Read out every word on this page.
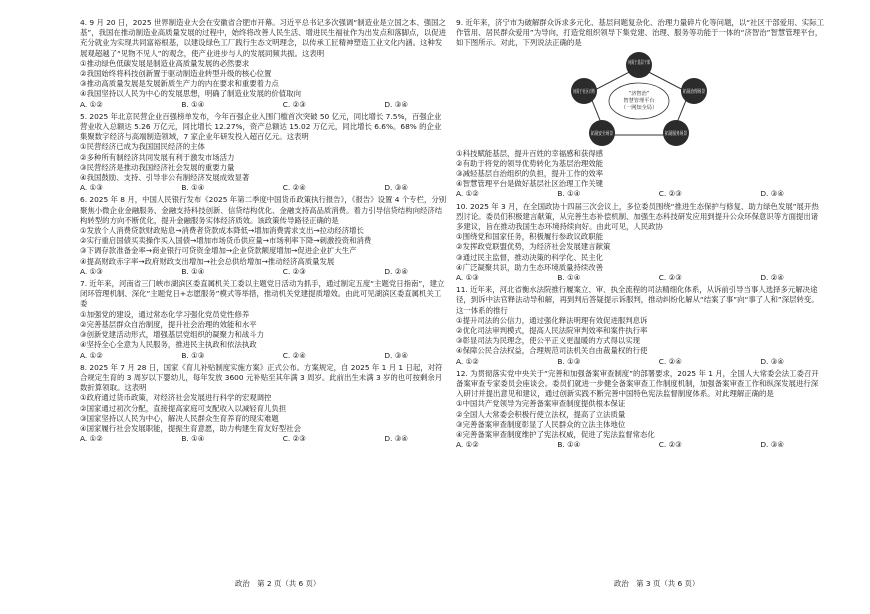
4. 9 月 20 日，2025 世界制造业大会在安徽省合肥市开幕。习近平总书记多次强调“制造业是立国之本、强国之基”，我国在推动制造业高质量发展的过程中，始终将改善人民生活、增进民生福祉作为出发点和落脚点，以促进充分就业为实现共同富裕根基，以建设绿色工厂践行生态文明理念，以传承工匠精神塑造工业文化内涵。这种发展观超越了“见物不见人”的观念，使产业进步与人的发展同频共振。这表明

①推动绿色低碳发展是制造业高质量发展的必然要求

②我国始终将科技创新置于驱动制造业转型升级的核心位置

③推动高质量发展是发展新质生产力的内在要求和重要着力点

④我国坚持以人民为中心的发展思想，明确了制造业发展的价值取向

A. ①②	B. ①④	C. ②③	D. ③④

5. 2025 年北京民营企业百强榜单发布，今年百强企业入围门槛首次突破 50 亿元，同比增长 7.5%，百强企业营业收入总额达 5.26 万亿元，同比增长 12.27%，资产总额达 15.02 万亿元，同比增长 6.6%。68% 的企业集聚数字经济与高端制造领域，7 家企业年研发投入超百亿元。这表明

①民营经济已成为我国国民经济的主体

②多种所有制经济共同发展有利于激发市场活力

③民营经济是推动我国经济社会发展的重要力量

④我国鼓励、支持、引导非公有制经济发展成效显著

A. ①③	B. ①④	C. ②④	D. ③④

6. 2025 年 8 月，中国人民银行发布《2025 年第二季度中国货币政策执行报告》，《报告》设置 4 个专栏，分别聚焦小微企业金融服务、金融支持科技创新、信贷结构优化、金融支持高品质消费。着力引导信贷结构向经济结构转型的方向不断优化，提升金融服务实体经济质效。该政策传导路径正确的是

①发放个人消费贷款财政贴息→消费者贷款成本降低→增加消费需求支出→拉动经济增长

②实行重启国债买卖操作买入国债→增加市场货币供应量→市场利率下降→刺激投资和消费

③下调存款准备金率→商业银行可贷资金增加→企业贷款额度增加→促进企业扩大生产

④提高财政赤字率→政府财政支出增加→社会总供给增加→推动经济高质量发展

A. ①③	B. ①④	C. ②③	D. ②④

7. 近年来，河南省三门峡市湖滨区委直属机关工委以主题党日活动为抓手，通过制定五度“主题党日指南”，建立闭环管理机制、深化“主题党日+志愿服务”模式等举措，推动机关党建提质增效。由此可见湖滨区委直属机关工委

①加强党的建设，通过常态化学习强化党员党性修养

②完善基层群众自治制度，提升社会治理的效能和水平

③创新党建活动形式，增强基层党组织的凝聚力和战斗力

④坚持全心全意为人民服务，推进民主执政和依法执政

A. ①②	B. ①③	C. ②④	D. ③④

8. 2025 年 7 月 28 日，国家《育儿补贴制度实施方案》正式公布。方案规定，自 2025 年 1 月 1 日起，对符合规定生育的 3 周岁以下婴幼儿，每年发放 3600 元补贴至其年满 3 周岁。此前出生未满 3 岁的也可按剩余月数折算领取。这表明

①政府通过货币政策，对经济社会发展进行科学的宏观调控

②国家通过初次分配，直接提高家庭可支配收入以减轻育儿负担

③国家坚持以人民为中心，解决人民群众生育养育的现实难题

④国家履行社会发展职能，提振生育意愿，助力构建生育友好型社会

A. ①②	B. ①④	C. ②③	D. ③④

9. 近年来，济宁市为破解群众诉求多元化、基层问题复杂化、治理力量碎片化等问题，以“社区干部爱用、实际工作管用、居民群众爱用”为导向，打造党组织领导下集党建、治理、服务等功能于一体的“济智治”智慧管理平台，如下图所示。对此，下列说法正确的是

“济智治”
智慧管理平台
（一网知全局）
问需于基层干部
拓展治理场景
拓展服务场景
拓展安全场景
问需于社区百姓

①科技赋能基层，提升百姓的幸福感和获得感

②有助于将党的领导优势转化为基层治理效能

③减轻基层自治组织的负担，提升工作的效率

④智慧管理平台是做好基层社区治理工作关键

A. ①②	B. ①④	C. ②③	D. ③④

10. 2025 年 3 月，在全国政协十四届三次会议上，多位委员围绕“推进生态保护与修复、助力绿色发展”展开热烈讨论。委员们积极建言献策，从完善生态补偿机制、加强生态科技研发应用到提升公众环保意识等方面提出诸多建议，旨在推动我国生态环境持续向好。由此可见，人民政协

①围绕党和国家任务，积极履行参政议政职能

②发挥政党联盟优势，为经济社会发展建言献策

③通过民主监督，推动决策的科学化、民主化

④广泛凝聚共识，助力生态环境质量持续改善

A. ①③	B. ①④	C. ②③	D. ②④

11. 近年来，河北省衡水法院推行履案立、审、执全流程的司法精细化体系，从诉前引导当事人选择多元解决途径，到诉中法官释法动导和解，再到判后答疑提示诉服判，推动纠纷化解从“结案了事”向“事了人和”深层转变。这一体系的推行

①提升司法的公信力，通过强化释法明理有效促进服判息诉

②优化司法审判模式，提高人民法院审判效率和案件执行率

③彰显司法为民理念，使公平正义更温暖的方式得以实现

④保障公民合法权益，合理规范司法机关自由裁量权的行使

A. ①②	B. ①③	C. ②④	D. ③④

12. 为贯彻落实党中央关于“完善和加强备案审查制度”的部署要求，2025 年 1 月，全国人大常委会法工委召开备案审查专家委员会座谈会。委员们就进一步健全备案审查工作制度机制，加强备案审查工作和纵深发展进行深入研讨并提出意见和建议，通过创新实践不断完善中国特色宪法监督制度体系。对此理解正确的是

①中国共产党领导为完善备案审查制度提供根本保证

②全国人大常委会积极行使立法权，提高了立法质量

③完善备案审查制度彰显了人民群众的立法主体地位

④完善备案审查制度维护了宪法权威，促进了宪法监督常态化

A. ①②	B. ①④	C. ②③	D. ③④
政治　第 2 页（共 6 页）	政治　第 3 页（共 6 页）
